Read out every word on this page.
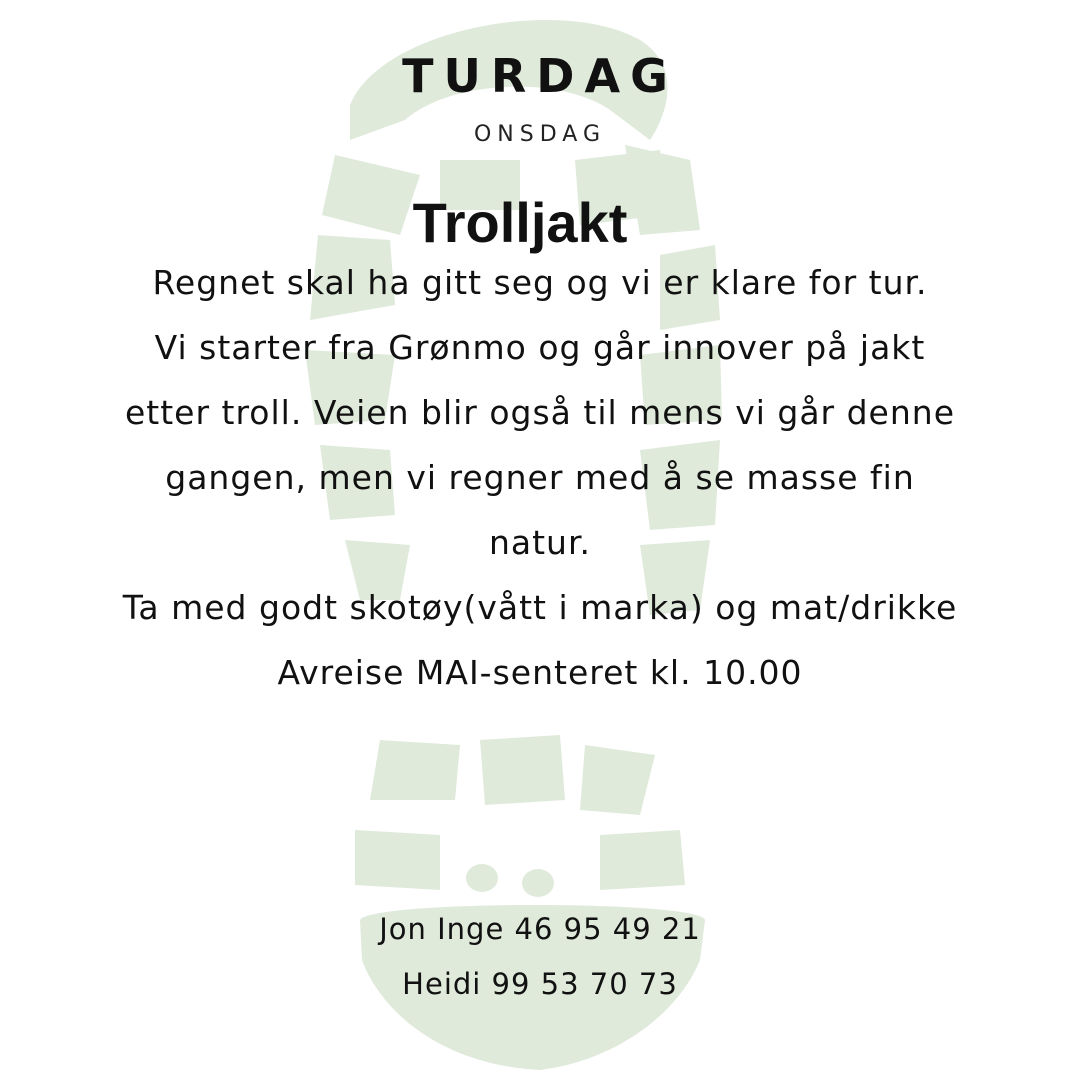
TURDAG
ONSDAG
Trolljakt

Regnet skal ha gitt seg og vi er klare for tur.

Vi starter fra Grønmo og går innover på jakt etter troll. Veien blir også til mens vi går denne gangen, men vi regner med å se masse fin natur.

Ta med godt skotøy(vått i marka) og mat/drikke

Avreise MAI-senteret kl. 10.00

Jon Inge 46 95 49 21
Heidi 99 53 70 73
